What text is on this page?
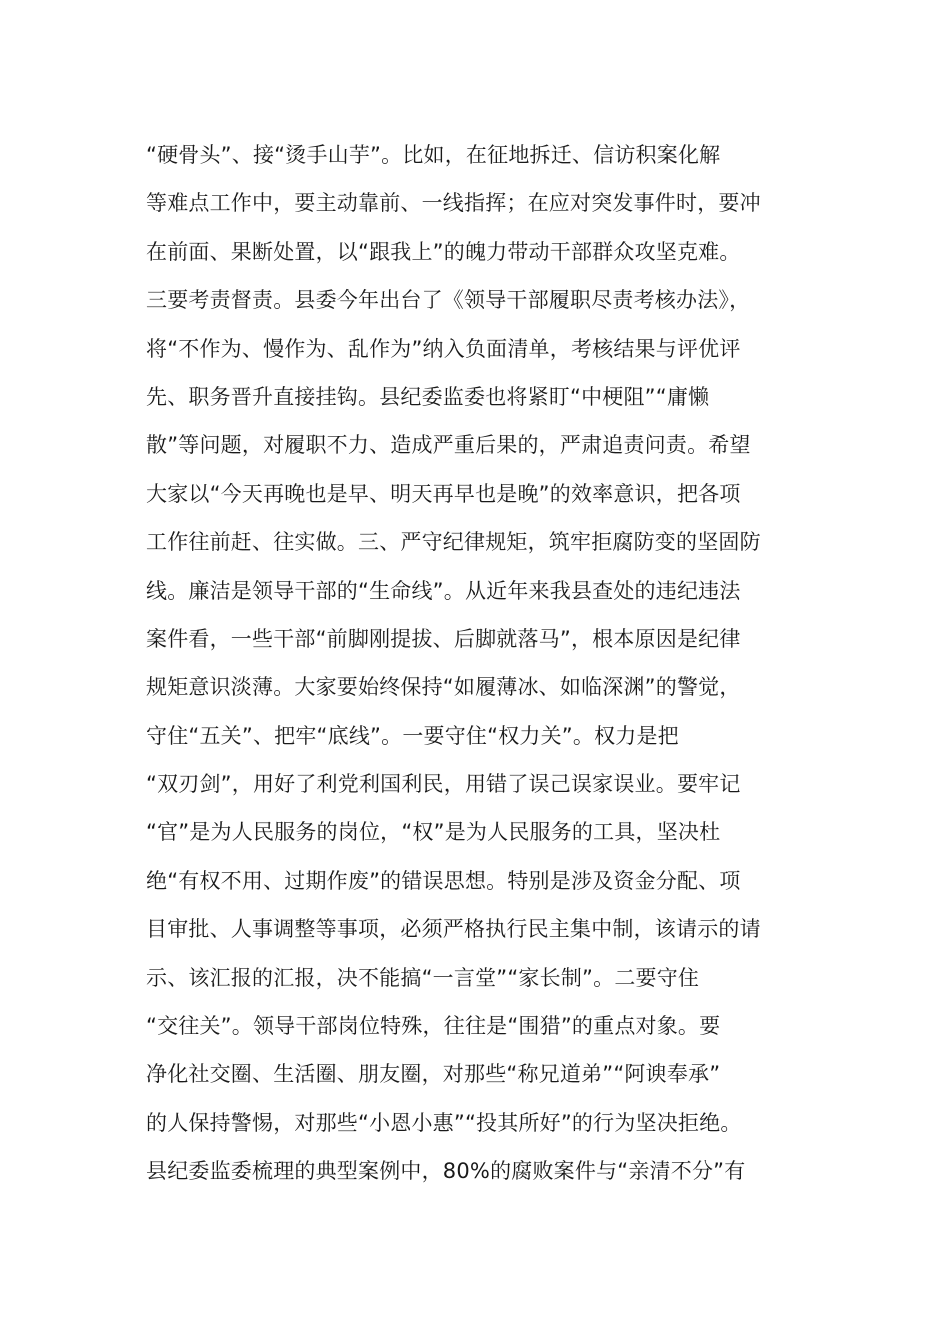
“硬骨头”、接“烫手山芋”。比如，在征地拆迁、信访积案化解
等难点工作中，要主动靠前、一线指挥；在应对突发事件时，要冲
在前面、果断处置，以“跟我上”的魄力带动干部群众攻坚克难。
三要考责督责。县委今年出台了《领导干部履职尽责考核办法》，
将“不作为、慢作为、乱作为”纳入负面清单，考核结果与评优评
先、职务晋升直接挂钩。县纪委监委也将紧盯“中梗阻”“庸懒
散”等问题，对履职不力、造成严重后果的，严肃追责问责。希望
大家以“今天再晚也是早、明天再早也是晚”的效率意识，把各项
工作往前赶、往实做。三、严守纪律规矩，筑牢拒腐防变的坚固防
线。廉洁是领导干部的“生命线”。从近年来我县查处的违纪违法
案件看，一些干部“前脚刚提拔、后脚就落马”，根本原因是纪律
规矩意识淡薄。大家要始终保持“如履薄冰、如临深渊”的警觉，
守住“五关”、把牢“底线”。一要守住“权力关”。权力是把
“双刃剑”，用好了利党利国利民，用错了误己误家误业。要牢记
“官”是为人民服务的岗位，“权”是为人民服务的工具，坚决杜
绝“有权不用、过期作废”的错误思想。特别是涉及资金分配、项
目审批、人事调整等事项，必须严格执行民主集中制，该请示的请
示、该汇报的汇报，决不能搞“一言堂”“家长制”。二要守住
“交往关”。领导干部岗位特殊，往往是“围猎”的重点对象。要
净化社交圈、生活圈、朋友圈，对那些“称兄道弟”“阿谀奉承”
的人保持警惕，对那些“小恩小惠”“投其所好”的行为坚决拒绝。
县纪委监委梳理的典型案例中，80%的腐败案件与“亲清不分”有
